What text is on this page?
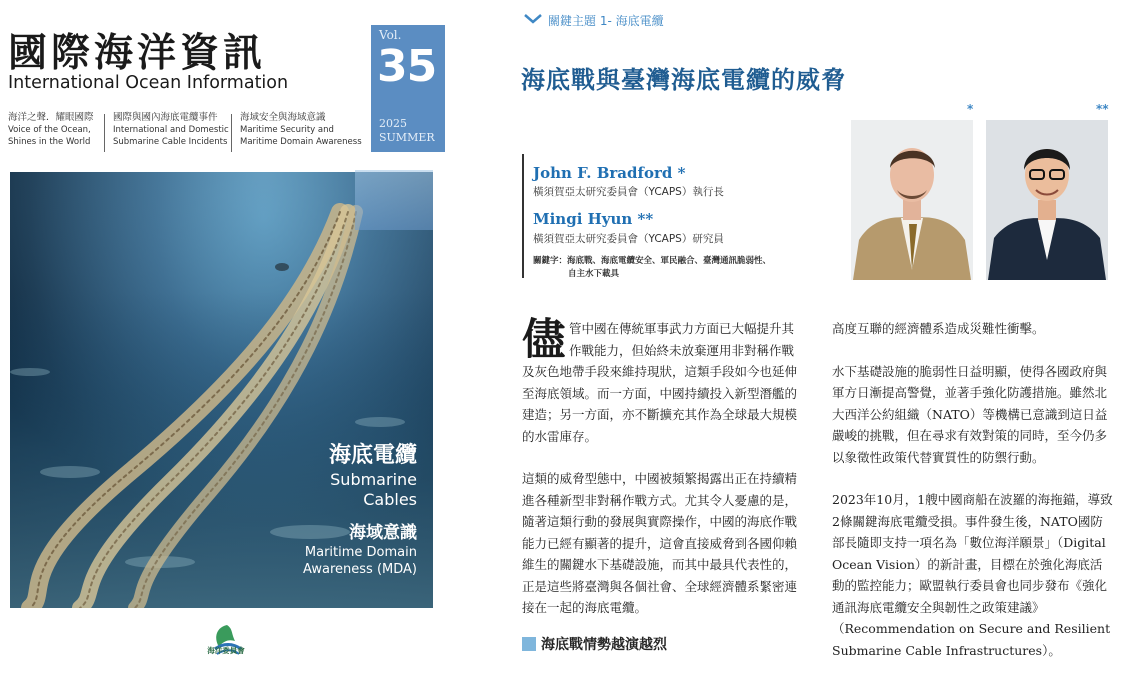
國際海洋資訊
International Ocean Information
海洋之聲．耀眼國際
Voice of the Ocean,
Shines in the World
國際與國內海底電纜事件
International and Domestic
Submarine Cable Incidents
海域安全與海域意識
Maritime Security and
Maritime Domain Awareness
Vol.
35
2025
SUMMER
海底電纜
Submarine
Cables
海域意識
Maritime Domain
Awareness (MDA)
海洋委員會
關鍵主題 1- 海底電纜
海底戰與臺灣海底電纜的威脅
John F. Bradford *
橫須賀亞太研究委員會（YCAPS）執行長
Mingi Hyun **
橫須賀亞太研究委員會（YCAPS）研究員
關鍵字：海底戰、海底電纜安全、軍民融合、臺灣通訊脆弱性、
自主水下載具
*	**

儘管中國在傳統軍事武力方面已大幅提升其作戰能力，但始終未放棄運用非對稱作戰及灰色地帶手段來維持現狀，這類手段如今也延伸至海底領域。而一方面，中國持續投入新型潛艦的建造；另一方面，亦不斷擴充其作為全球最大規模的水雷庫存。

這類的威脅型態中，中國被頻繁揭露出正在持續精進各種新型非對稱作戰方式。尤其令人憂慮的是，隨著這類行動的發展與實際操作，中國的海底作戰能力已經有顯著的提升，這會直接威脅到各國仰賴維生的關鍵水下基礎設施，而其中最具代表性的，正是這些將臺灣與各個社會、全球經濟體系緊密連接在一起的海底電纜。

海底戰情勢越演越烈

高度互聯的經濟體系造成災難性衝擊。

水下基礎設施的脆弱性日益明顯，使得各國政府與軍方日漸提高警覺，並著手強化防護措施。雖然北大西洋公約組織（NATO）等機構已意識到這日益嚴峻的挑戰，但在尋求有效對策的同時，至今仍多以象徵性政策代替實質性的防禦行動。

2023年10月，1艘中國商船在波羅的海拖錨，導致2條關鍵海底電纜受損。事件發生後，NATO國防部長隨即支持一項名為「數位海洋願景」（Digital Ocean Vision）的新計畫，目標在於強化海底活動的監控能力；歐盟執行委員會也同步發布《強化通訊海底電纜安全與韌性之政策建議》（Recommendation on Secure and Resilient Submarine Cable Infrastructures）。
